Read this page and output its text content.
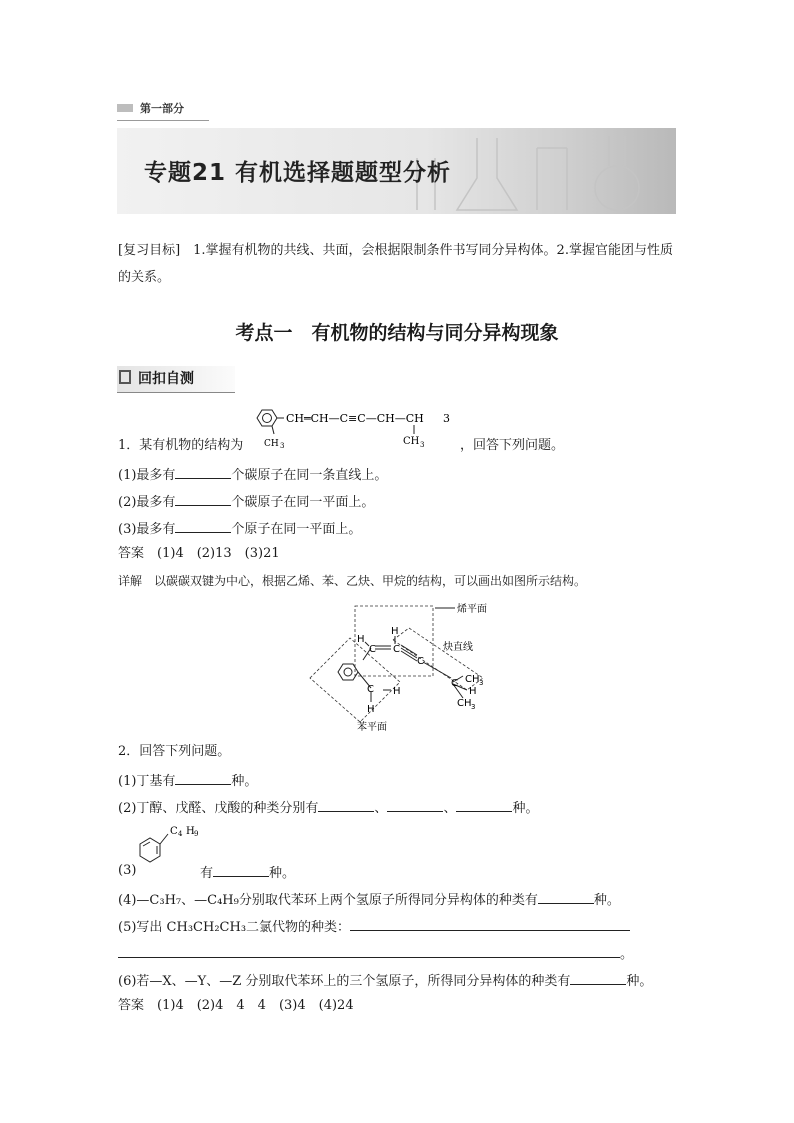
第一部分
专题21 有机选择题题型分析
[复习目标]　1.掌握有机物的共线、共面，会根据限制条件书写同分异构体。2.掌握官能团与性质的关系。
考点一　有机物的结构与同分异构现象
回扣自测
CH═CH—C≡C—CH—CH 3
CH 3	CH 3
1．某有机物的结构为	，回答下列问题。
(1)最多有	个碳原子在同一条直线上。
(2)最多有	个碳原子在同一平面上。
(3)最多有	个原子在同一平面上。
答案　 (1)4　(2)13　(3)21
详解　 以碳碳双键为中心，根据乙烯、苯、乙炔、甲烷的结构，可以画出如图所示结构。
烯平面
炔直线
苯平面
H
C C
H
C
C CH 3
H
CH 3
C H
H
2．回答下列问题。
(1)丁基有	种。
(2)丁醇、戊醛、戊酸的种类分别有	、	、	种。
C 4 H 9
(3)	有	种。
(4)—C₃H₇、—C₄H₉分别取代苯环上两个氢原子所得同分异构体的种类有	种。
(5)写出 CH₃CH₂CH₃二氯代物的种类：
。
(6)若—X、—Y、—Z 分别取代苯环上的三个氢原子，所得同分异构体的种类有	种。
答案　 (1)4　(2)4　4　4　(3)4　(4)24
